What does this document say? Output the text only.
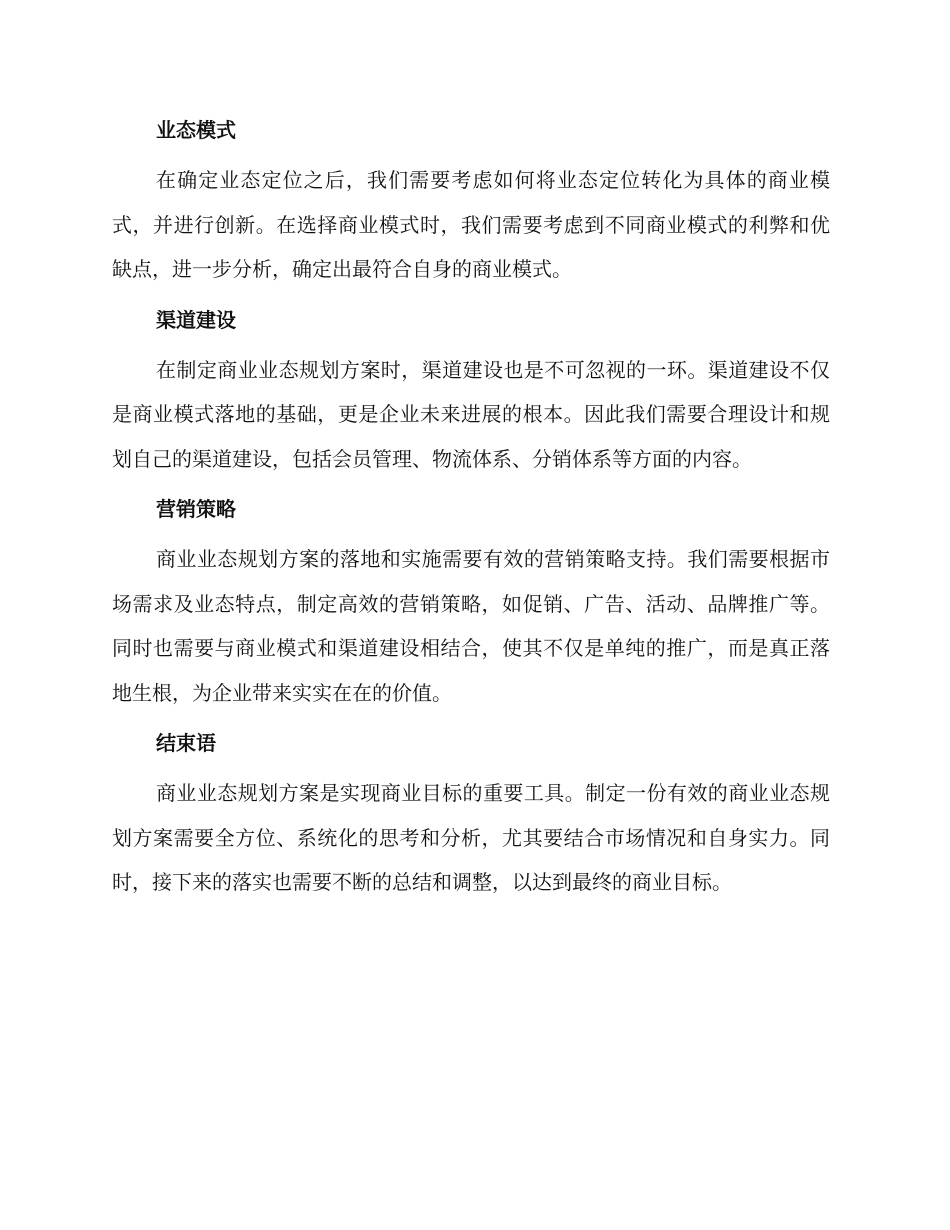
业态模式

在确定业态定位之后，我们需要考虑如何将业态定位转化为具体的商业模式，并进行创新。在选择商业模式时，我们需要考虑到不同商业模式的利弊和优缺点，进一步分析，确定出最符合自身的商业模式。

渠道建设

在制定商业业态规划方案时，渠道建设也是不可忽视的一环。渠道建设不仅是商业模式落地的基础，更是企业未来进展的根本。因此我们需要合理设计和规划自己的渠道建设，包括会员管理、物流体系、分销体系等方面的内容。

营销策略

商业业态规划方案的落地和实施需要有效的营销策略支持。我们需要根据市场需求及业态特点，制定高效的营销策略，如促销、广告、活动、品牌推广等。同时也需要与商业模式和渠道建设相结合，使其不仅是单纯的推广，而是真正落地生根，为企业带来实实在在的价值。

结束语

商业业态规划方案是实现商业目标的重要工具。制定一份有效的商业业态规划方案需要全方位、系统化的思考和分析，尤其要结合市场情况和自身实力。同时，接下来的落实也需要不断的总结和调整，以达到最终的商业目标。
